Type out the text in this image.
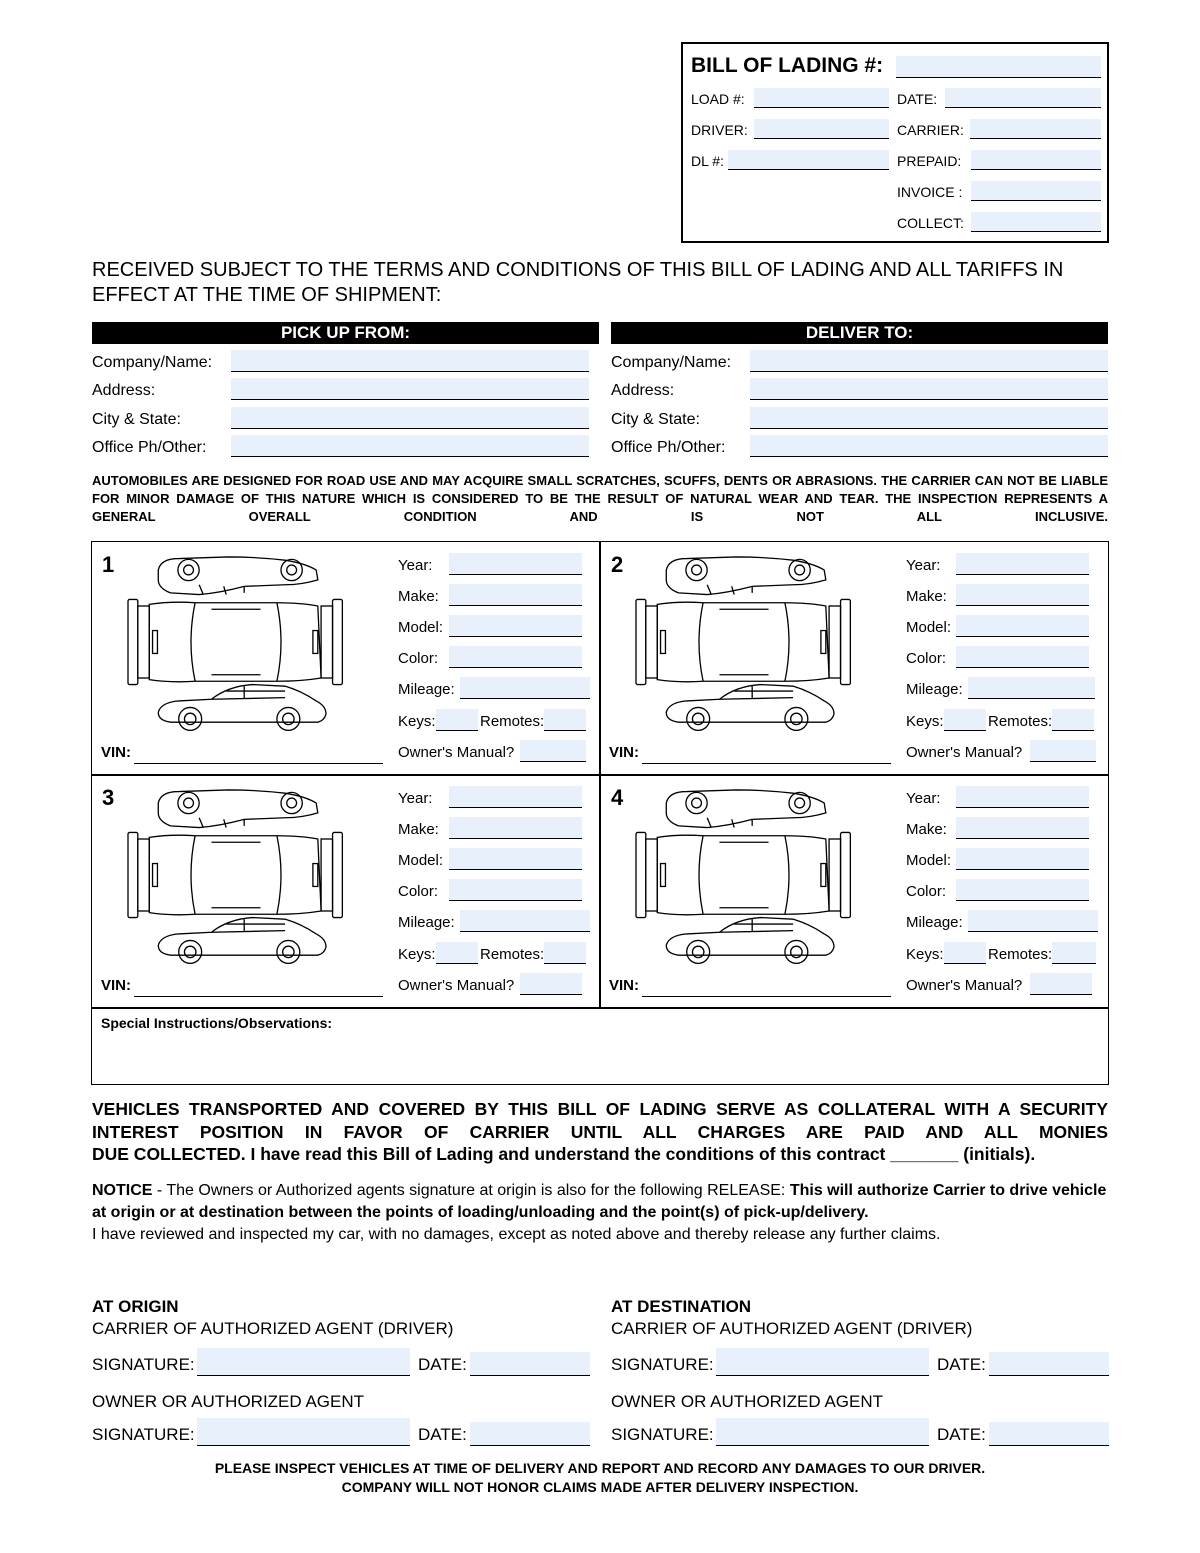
BILL OF LADING #:
LOAD #:	DATE:
DRIVER:	CARRIER:
DL #:	PREPAID:
INVOICE :
COLLECT:
RECEIVED SUBJECT TO THE TERMS AND CONDITIONS OF THIS BILL OF LADING AND ALL TARIFFS IN EFFECT AT THE TIME OF SHIPMENT:
PICK UP FROM:	DELIVER TO:
Company/Name:
Address:
City & State:
Office Ph/Other:
Company/Name:
Address:
City & State:
Office Ph/Other:
AUTOMOBILES ARE DESIGNED FOR ROAD USE AND MAY ACQUIRE SMALL SCRATCHES, SCUFFS, DENTS OR ABRASIONS. THE CARRIER CAN NOT BE LIABLE FOR MINOR DAMAGE OF THIS NATURE WHICH IS CONSIDERED TO BE THE RESULT OF NATURAL WEAR AND TEAR. THE INSPECTION REPRESENTS A GENERAL OVERALL CONDITION AND IS NOT ALL INCLUSIVE.
1	Year:
Make:
Model:
Color:
Mileage:
Keys:	Remotes:
Owner's Manual?
VIN:
2	Year:
Make:
Model:
Color:
Mileage:
Keys:	Remotes:
Owner's Manual?
VIN:
3	Year:
Make:
Model:
Color:
Mileage:
Keys:	Remotes:
Owner's Manual?
VIN:
4	Year:
Make:
Model:
Color:
Mileage:
Keys:	Remotes:
Owner's Manual?
VIN:
Special Instructions/Observations:
VEHICLES TRANSPORTED AND COVERED BY THIS BILL OF LADING SERVE AS COLLATERAL WITH A SECURITY INTEREST POSITION IN FAVOR OF CARRIER UNTIL ALL CHARGES ARE PAID AND ALL MONIES
DUE COLLECTED. I have read this Bill of Lading and understand the conditions of this contract _______ (initials).
NOTICE - The Owners or Authorized agents signature at origin is also for the following RELEASE: This will authorize Carrier to drive vehicle at origin or at destination between the points of loading/unloading and the point(s) of pick-up/delivery.
I have reviewed and inspected my car, with no damages, except as noted above and thereby release any further claims.
AT ORIGIN
CARRIER OF AUTHORIZED AGENT (DRIVER)
SIGNATURE:	DATE:
OWNER OR AUTHORIZED AGENT
SIGNATURE:	DATE:
AT DESTINATION
CARRIER OF AUTHORIZED AGENT (DRIVER)
SIGNATURE:	DATE:
OWNER OR AUTHORIZED AGENT
SIGNATURE:	DATE:
PLEASE INSPECT VEHICLES AT TIME OF DELIVERY AND REPORT AND RECORD ANY DAMAGES TO OUR DRIVER.
COMPANY WILL NOT HONOR CLAIMS MADE AFTER DELIVERY INSPECTION.
